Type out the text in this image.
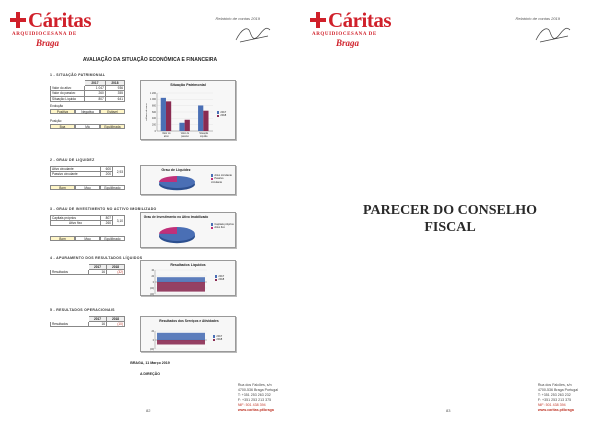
Cáritas
ARQUIDIOCESANA DE
Braga
Relatório de contas 2019
AVALIAÇÃO DA SITUAÇÃO ECONÓMICA E FINANCEIRA
1 - SITUAÇÃO PATRIMONIAL
	2017	2018
Valor do ativo	1 047	936
Valor do passivo	260	355
Situação Líquida	807	641
Evolução
Positiva	Negativa	Estável
Posição
Boa	Má	Equilíbrada
Situação Patrimonial
0
200
400
600
800
1 000
1 200
milhares de euros
Valor do
ativo
Valor do
passivo
Situação
Líquida
2017
2018
2 - GRAU DE LIQUIDEZ
Ativo circulante	600	2,93
Passivo circulante	200	
Bom	Mau	Equilíbrado
Grau de Liquidez
Ativo circulante
Passivo circulante
3 - GRAU DE INVESTIMENTO NO ACTIVO IMOBILIZADO
Capitais próprios	807	3,10
Ativo fixo	260	
Bom	Mau	Equilíbrado
Grau de Investimento no Ativo Imobilizado
Capitais próprios
Ativo fixo
4 - APURAMENTO DOS RESULTADOS LÍQUIDOS
	2017	2018
Resultados	16	(32)
Resultados Líquidos
40
20
0
(20)
(40)
2017
2018
5 - RESULTADOS OPERACIONAIS
	2017	2018
Resultados	16	(10)
Resultados dos Serviços e Atividades
20
0
(20)
2017
2018
BRAGA, 11 Março 2019
A DIREÇÃO
Rua dos Falcões, s/n
4700-536 Braga Portugal
T: +351 253 263 232
F: +351 253 213 375
NIF: 501 438 394
www.caritas.pt/braga
82
Cáritas
ARQUIDIOCESANA DE
Braga
Relatório de contas 2019
PARECER DO CONSELHO
FISCAL
Rua dos Falcões, s/n
4700-536 Braga Portugal
T: +351 253 263 232
F: +351 253 213 375
NIF: 501 438 394
www.caritas.pt/braga
83
